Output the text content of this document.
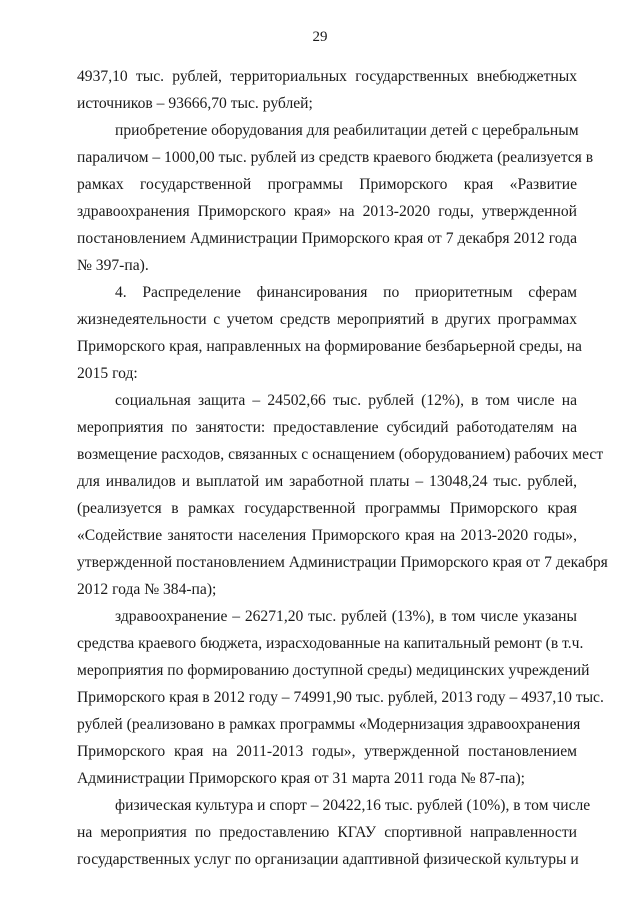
29
4937,10 тыс. рублей, территориальных государственных внебюджетных
источников – 93666,70 тыс. рублей;
приобретение оборудования для реабилитации детей с церебральным
параличом – 1000,00 тыс. рублей из средств краевого бюджета (реализуется в
рамках государственной программы Приморского края «Развитие
здравоохранения Приморского края» на 2013-2020 годы, утвержденной
постановлением Администрации Приморского края от 7 декабря 2012 года
№ 397-па).
4. Распределение финансирования по приоритетным сферам
жизнедеятельности с учетом средств мероприятий в других программах
Приморского края, направленных на формирование безбарьерной среды, на
2015 год:
социальная защита – 24502,66 тыс. рублей (12%), в том числе на
мероприятия по занятости: предоставление субсидий работодателям на
возмещение расходов, связанных с оснащением (оборудованием) рабочих мест
для инвалидов и выплатой им заработной платы – 13048,24 тыс. рублей,
(реализуется в рамках государственной программы Приморского края
«Содействие занятости населения Приморского края на 2013-2020 годы»,
утвержденной постановлением Администрации Приморского края от 7 декабря
2012 года № 384-па);
здравоохранение – 26271,20 тыс. рублей (13%), в том числе указаны
средства краевого бюджета, израсходованные на капитальный ремонт (в т.ч.
мероприятия по формированию доступной среды) медицинских учреждений
Приморского края в 2012 году – 74991,90 тыс. рублей, 2013 году – 4937,10 тыс.
рублей (реализовано в рамках программы «Модернизация здравоохранения
Приморского края на 2011-2013 годы», утвержденной постановлением
Администрации Приморского края от 31 марта 2011 года № 87-па);
физическая культура и спорт – 20422,16 тыс. рублей (10%), в том числе
на мероприятия по предоставлению КГАУ спортивной направленности
государственных услуг по организации адаптивной физической культуры и
